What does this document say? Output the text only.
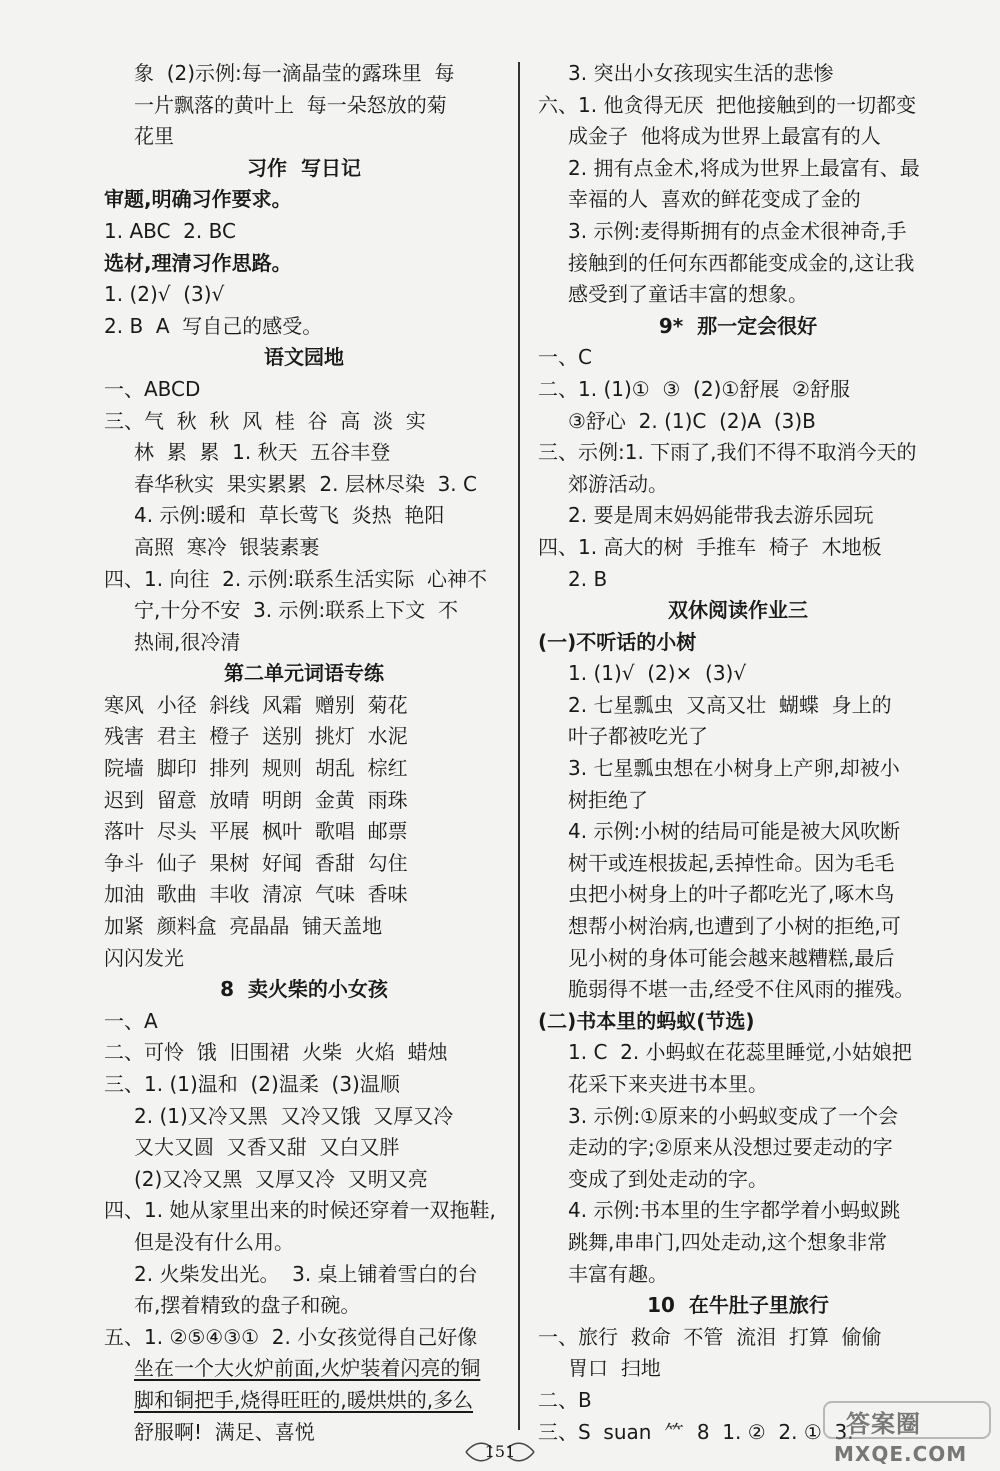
象  (2)示例:每一滴晶莹的露珠里  每
一片飘落的黄叶上  每一朵怒放的菊
花里
习作  写日记
审题,明确习作要求。
1. ABC  2. BC
选材,理清习作思路。
1. (2)√  (3)√
2. B  A  写自己的感受。
语文园地
一、ABCD
三、气  秋  秋  风  桂  谷  高  淡  实
林  累  累  1. 秋天  五谷丰登
春华秋实  果实累累  2. 层林尽染  3. C
4. 示例:暖和  草长莺飞  炎热  艳阳
高照  寒冷  银装素裹
四、1. 向往  2. 示例:联系生活实际  心神不
宁,十分不安  3. 示例:联系上下文  不
热闹,很冷清
第二单元词语专练
寒风  小径  斜线  风霜  赠别  菊花
残害  君主  橙子  送别  挑灯  水泥
院墙  脚印  排列  规则  胡乱  棕红
迟到  留意  放晴  明朗  金黄  雨珠
落叶  尽头  平展  枫叶  歌唱  邮票
争斗  仙子  果树  好闻  香甜  勾住
加油  歌曲  丰收  清凉  气味  香味
加紧  颜料盒  亮晶晶  铺天盖地
闪闪发光
8  卖火柴的小女孩
一、A
二、可怜  饿  旧围裙  火柴  火焰  蜡烛
三、1. (1)温和  (2)温柔  (3)温顺
2. (1)又冷又黑  又冷又饿  又厚又冷
又大又圆  又香又甜  又白又胖
(2)又冷又黑  又厚又冷  又明又亮
四、1. 她从家里出来的时候还穿着一双拖鞋,
但是没有什么用。
2. 火柴发出光。  3. 桌上铺着雪白的台
布,摆着精致的盘子和碗。
五、1. ②⑤④③①  2. 小女孩觉得自己好像
坐在一个大火炉前面,火炉装着闪亮的铜
脚和铜把手,烧得旺旺的,暖烘烘的,多么
舒服啊!  满足、喜悦
3. 突出小女孩现实生活的悲惨
六、1. 他贪得无厌  把他接触到的一切都变
成金子  他将成为世界上最富有的人
2. 拥有点金术,将成为世界上最富有、最
幸福的人  喜欢的鲜花变成了金的
3. 示例:麦得斯拥有的点金术很神奇,手
接触到的任何东西都能变成金的,这让我
感受到了童话丰富的想象。
9*  那一定会很好
一、C
二、1. (1)①  ③  (2)①舒展  ②舒服
③舒心  2. (1)C  (2)A  (3)B
三、示例:1. 下雨了,我们不得不取消今天的
郊游活动。
2. 要是周末妈妈能带我去游乐园玩
四、1. 高大的树  手推车  椅子  木地板
2. B
双休阅读作业三
(一)不听话的小树
1. (1)√  (2)×  (3)√
2. 七星瓢虫  又高又壮  蝴蝶  身上的
叶子都被吃光了
3. 七星瓢虫想在小树身上产卵,却被小
树拒绝了
4. 示例:小树的结局可能是被大风吹断
树干或连根拔起,丢掉性命。因为毛毛
虫把小树身上的叶子都吃光了,啄木鸟
想帮小树治病,也遭到了小树的拒绝,可
见小树的身体可能会越来越糟糕,最后
脆弱得不堪一击,经受不住风雨的摧残。
(二)书本里的蚂蚁(节选)
1. C  2. 小蚂蚁在花蕊里睡觉,小姑娘把
花采下来夹进书本里。
3. 示例:①原来的小蚂蚁变成了一个会
走动的字;②原来从没想过要走动的字
变成了到处走动的字。
4. 示例:书本里的生字都学着小蚂蚁跳
跳舞,串串门,四处走动,这个想象非常
丰富有趣。
10  在牛肚子里旅行
一、旅行  救命  不管  流泪  打算  偷偷
胃口  扫地
二、B
三、S  suan  ⺮  8  1. ②  2. ①  3.
151
答案圈
MXQE.COM
